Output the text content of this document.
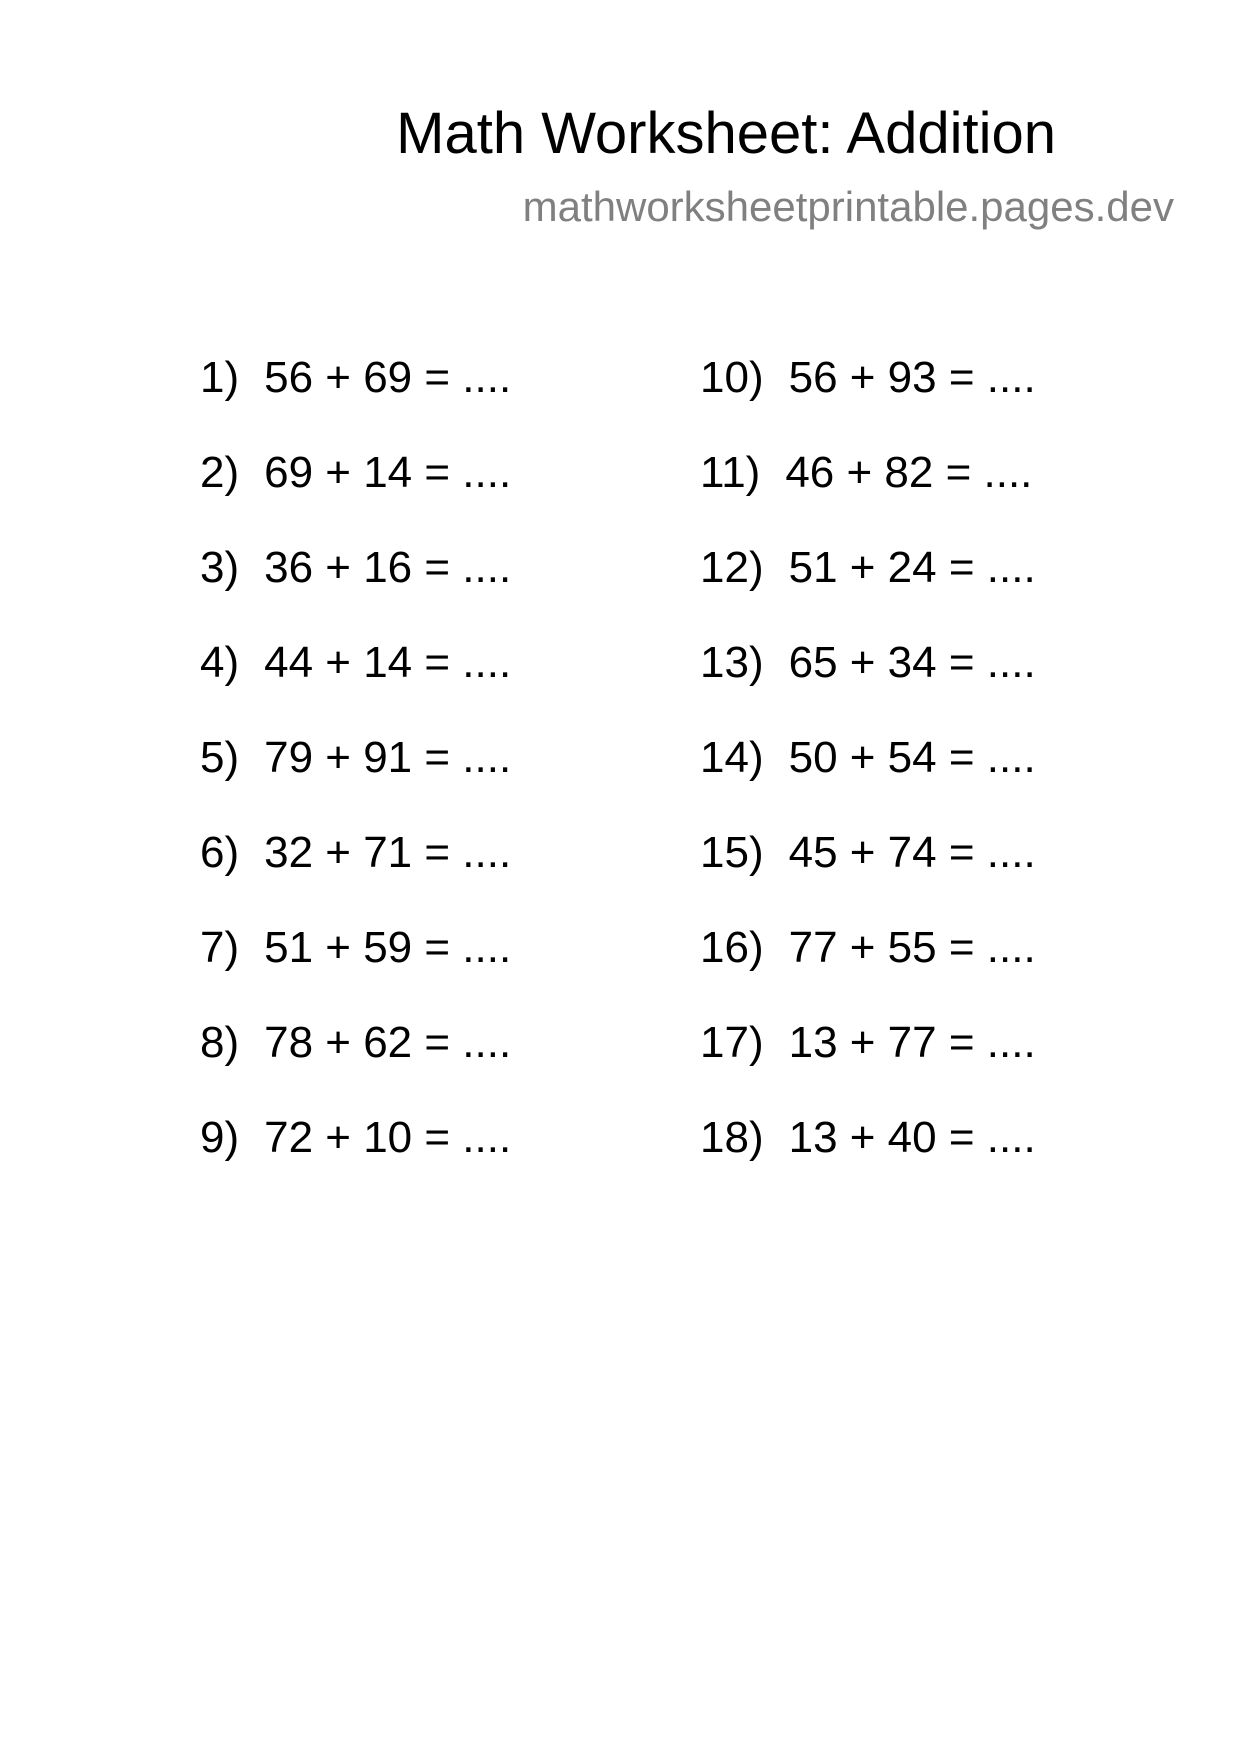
Math Worksheet: Addition
mathworksheetprintable.pages.dev
1) 56 + 69 = ....
2) 69 + 14 = ....
3) 36 + 16 = ....
4) 44 + 14 = ....
5) 79 + 91 = ....
6) 32 + 71 = ....
7) 51 + 59 = ....
8) 78 + 62 = ....
9) 72 + 10 = ....
10) 56 + 93 = ....
11) 46 + 82 = ....
12) 51 + 24 = ....
13) 65 + 34 = ....
14) 50 + 54 = ....
15) 45 + 74 = ....
16) 77 + 55 = ....
17) 13 + 77 = ....
18) 13 + 40 = ....
